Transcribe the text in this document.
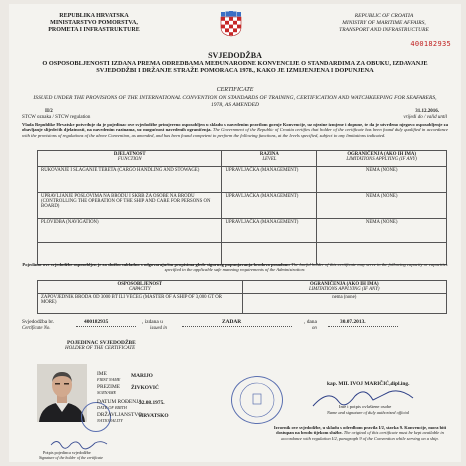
REPUBLIKA HRVATSKA
MINISTARSTVO POMORSTVA,
PROMETA I INFRASTRUKTURE
REPUBLIC OF CROATIA
MINISTRY OF MARITIME AFFAIRS,
TRANSPORT AND INFRASTRUCTURE
400182935
SVJEDODŽBA
O OSPOSOBLJENOSTI IZDANA PREMA ODREDBAMA MEĐUNARODNE KONVENCIJE O STANDARDIMA ZA OBUKU, IZDAVANJE SVJEDODŽBI I DRŽANJE STRAŽE POMORACA 1978., KAKO JE IZMIJENJENA I DOPUNJENA
CERTIFICATE
ISSUED UNDER THE PROVISIONS OF THE INTERNATIONAL CONVENTION ON STANDARDS OF TRAINING, CERTIFICATION AND WATCHKEEPING FOR SEAFARERS, 1978, AS AMENDED
II/2
STCW oznaka / STCW regulation
31.12.2016.
vrijedi do / valid until
Vlada Republike Hrvatske potvrđuje da je pojedinac ove svjedodžbe primjereno osposobljen u skladu s navedenim pravilom gornje Konvencije, uz njezine izmjene i dopune, te da je utvrđeno njegovo osposobljenje za obavljanje slijedećih djelatnosti, na navedenim razinama, uz mogućnost navedenih ograničenja. The Government of the Republic of Croatia certifies that holder of the certificate has been found duly qualified in accordance with the provisions of regulations of the above Convention, as amended, and has been found competent to perform the following functions, at the levels specified, subject to any limitations indicated.
DJELATNOST
FUNCTION	RAZINA
LEVEL	OGRANIČENJA (AKO IH IMA)
LIMITATIONS APPLYING (IF ANY)

RUKOVANJE I SLAGANJE TERETA (CARGO HANDLING AND STOWAGE)	UPRAVLJAČKA (MANAGEMENT)	NEMA (NONE)
UPRAVLJANJE POSLOVIMA NA BRODU I SKRB ZA OSOBE NA BRODU (CONTROLLING THE OPERATION OF THE SHIP AND CARE FOR PERSONS ON BOARD)	UPRAVLJAČKA (MANAGEMENT)	NEMA (NONE)
PLOVIDBA (NAVIGATION)	UPRAVLJAČKA (MANAGEMENT)	NEMA (NONE)

Pojedinac ove svjedodžbe osposobljen je za službu sukladno s odgovarajućim propisima glede sigurnog popunjavanja brodova posadom: The lawful holder of this certificate may serve in the following capacity or capacities specified in the applicable safe manning requirements of the Administration:
OSPOSOBLJENOST
CAPACITY	OGRANIČENJA (AKO IH IMA)
LIMITATIONS APPLYING (IF ANY)

ZAPOVJEDNIK BRODA OD 3000 BT ILI VEĆEG (MASTER OF A SHIP OF 3,000 GT OR MORE)	nema (none)
Svjedodžba br.
Certificate No.
400182935	, izdana u
issued in
ZADAR	, dana
on
30.07.2013.
POJEDINAC SVJEDODŽBE
HOLDER OF THE CERTIFICATE
IME
FIRST NAME
MARIJO
PREZIME
SURNAME
ŽIVKOVIĆ
DATUM ROĐENJA
DATE OF BIRTH
22.08.1975.
DRŽAVLJANSTVO
NATIONALITY
HRVATSKO
Potpis pojedinca svjedodžbe
Signature of the holder of the certificate
kap. MIL IVOJ MARIČIĆ,dipl.ing.
Ime i potpis ovlaštene osobe
Name and signature of duly authorized official
Izvornik ove svjedodžbe, u skladu s odredbom pravila I/2, stavka 9. Konvencije, mora biti dostupan na brodu tijekom službe. The original of this certificate must be kept available in accordance with regulation I/2, paragraph 9 of the Convention while serving on a ship.
